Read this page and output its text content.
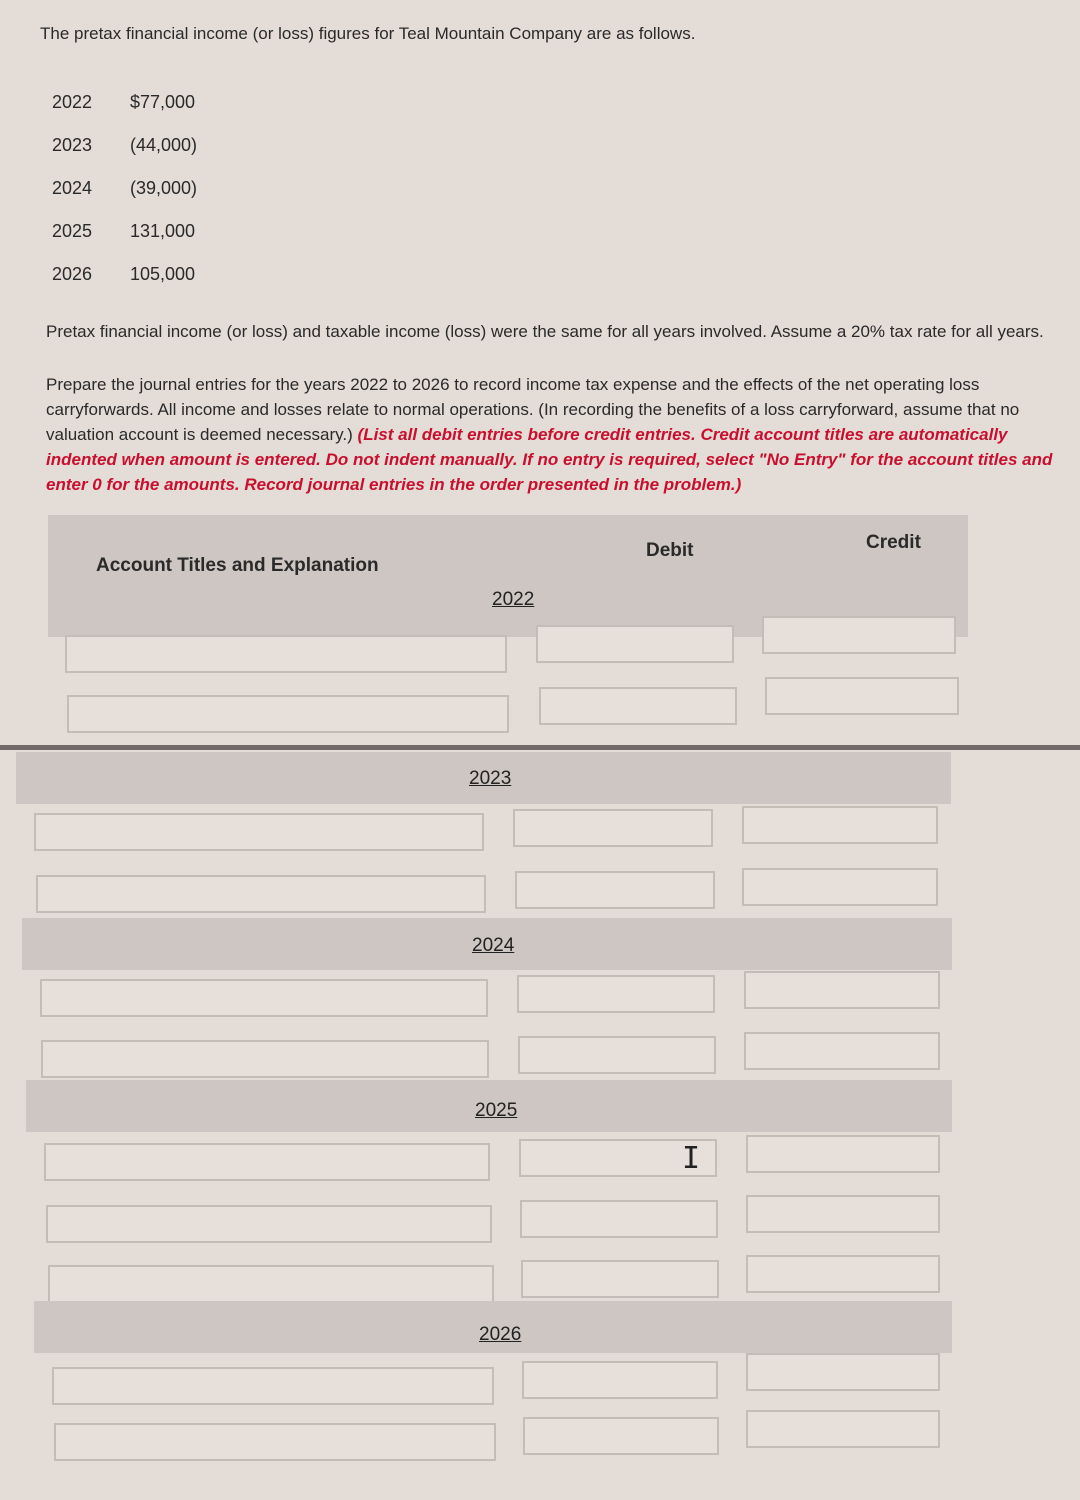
The pretax financial income (or loss) figures for Teal Mountain Company are as follows.
2022	$77,000
2023	(44,000)
2024	(39,000)
2025	131,000
2026	105,000
Pretax financial income (or loss) and taxable income (loss) were the same for all years involved. Assume a 20% tax rate for all years.
Prepare the journal entries for the years 2022 to 2026 to record income tax expense and the effects of the net operating loss carryforwards. All income and losses relate to normal operations. (In recording the benefits of a loss carryforward, assume that no valuation account is deemed necessary.) (List all debit entries before credit entries. Credit account titles are automatically indented when amount is entered. Do not indent manually. If no entry is required, select "No Entry" for the account titles and enter 0 for the amounts. Record journal entries in the order presented in the problem.)
Account Titles and Explanation
Debit	Credit
2022
2023
2024
2025
I
2026
